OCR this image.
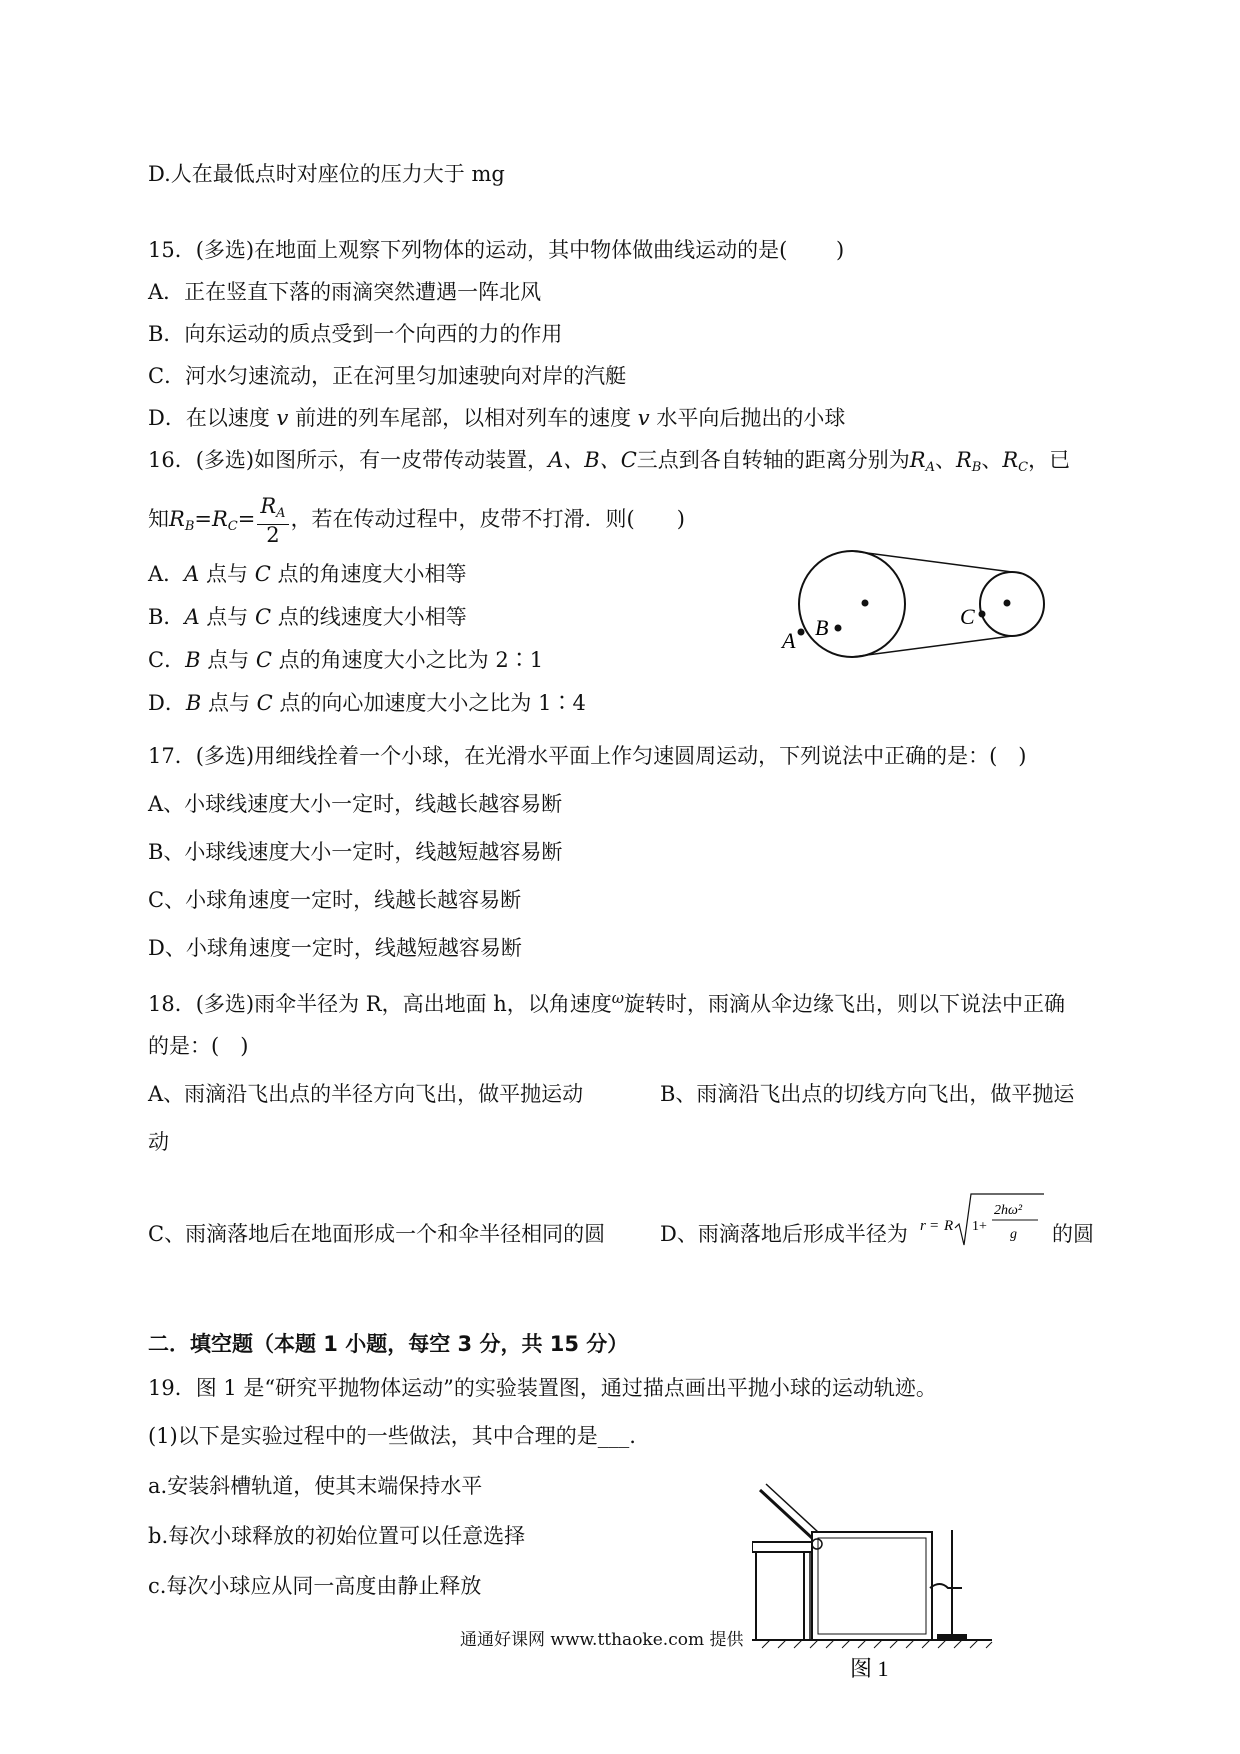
D.人在最低点时对座位的压力大于 mg
15．(多选)在地面上观察下列物体的运动，其中物体做曲线运动的是(　　 )
A．正在竖直下落的雨滴突然遭遇一阵北风
B．向东运动的质点受到一个向西的力的作用
C．河水匀速流动，正在河里匀加速驶向对岸的汽艇
D．在以速度 v 前进的列车尾部，以相对列车的速度 v 水平向后抛出的小球
16．(多选)如图所示，有一皮带传动装置，A、B、C三点到各自转轴的距离分别为$R_A$、$R_B$、$R_C$，已
知$R_B=R_C= \frac{R_A}{2}$ ，若在传动过程中，皮带不打滑．则(　　)
A．A 点与 C 点的角速度大小相等
B．A 点与 C 点的线速度大小相等
C．B 点与 C 点的角速度大小之比为 2∶1
D．B 点与 C 点的向心加速度大小之比为 1∶4
A
B	C
17．(多选)用细线拴着一个小球，在光滑水平面上作匀速圆周运动，下列说法中正确的是：(　)
A、小球线速度大小一定时，线越长越容易断
B、小球线速度大小一定时，线越短越容易断
C、小球角速度一定时，线越长越容易断
D、小球角速度一定时，线越短越容易断
18．(多选)雨伞半径为 R，高出地面 h，以角速度$^\omega$旋转时，雨滴从伞边缘飞出，则以下说法中正确
的是：(　)
A、雨滴沿飞出点的半径方向飞出，做平抛运动	B、雨滴沿飞出点的切线方向飞出，做平抛运
动
C、雨滴落地后在地面形成一个和伞半径相同的圆	D、雨滴落地后形成半径为	的圆
r = R 1+
2hω²
g
二．填空题（本题 1 小题，每空 3 分，共 15 分）
19．图 1 是“研究平抛物体运动”的实验装置图，通过描点画出平抛小球的运动轨迹。
(1)以下是实验过程中的一些做法，其中合理的是___.
a.安装斜槽轨道，使其末端保持水平
b.每次小球释放的初始位置可以任意选择
c.每次小球应从同一高度由静止释放
图 1
通通好课网 www.tthaoke.com 提供
